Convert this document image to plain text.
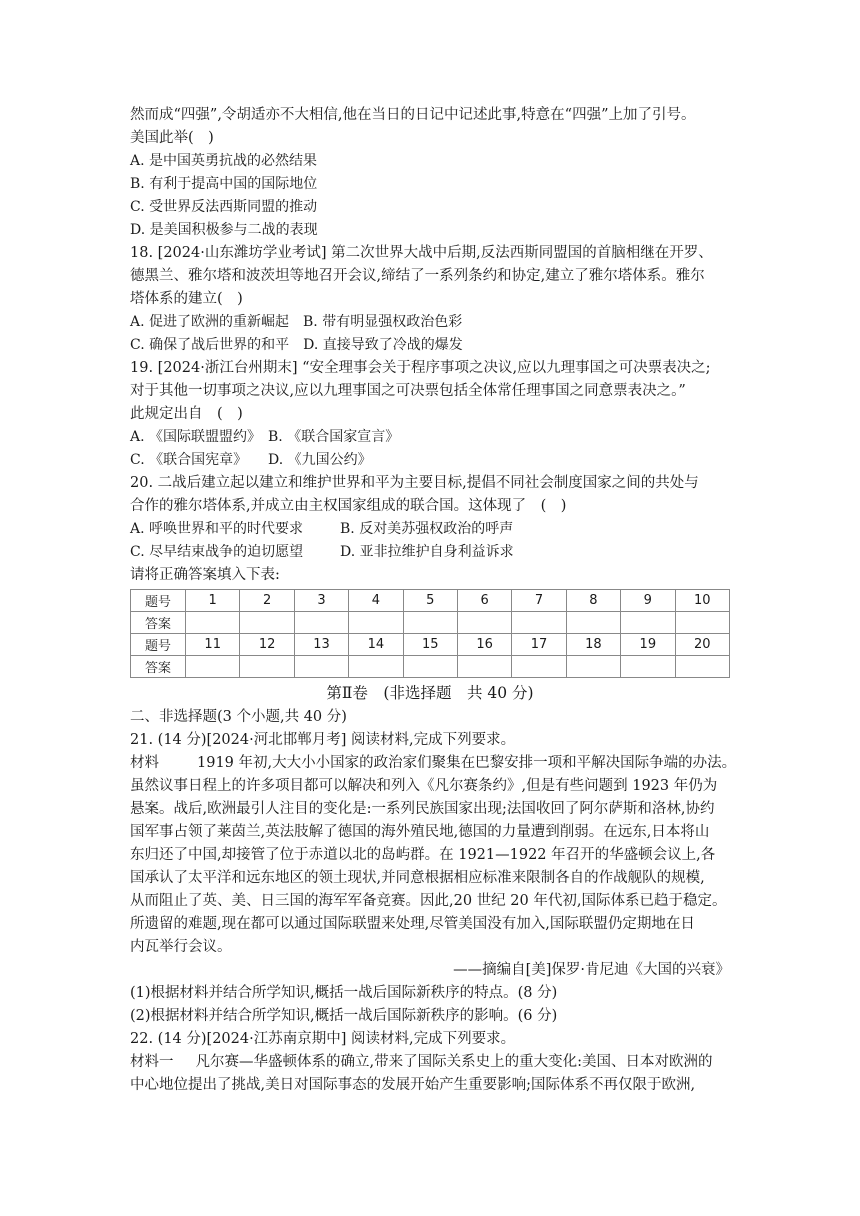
然而成“四强”,令胡适亦不大相信,他在当日的日记中记述此事,特意在“四强”上加了引号。
美国此举(　)
A. 是中国英勇抗战的必然结果
B. 有利于提高中国的国际地位
C. 受世界反法西斯同盟的推动
D. 是美国积极参与二战的表现
18. [2024·山东潍坊学业考试] 第二次世界大战中后期,反法西斯同盟国的首脑相继在开罗、
德黑兰、雅尔塔和波茨坦等地召开会议,缔结了一系列条约和协定,建立了雅尔塔体系。雅尔
塔体系的建立(　)
A. 促进了欧洲的重新崛起 B. 带有明显强权政治色彩
C. 确保了战后世界的和平 D. 直接导致了冷战的爆发
19. [2024·浙江台州期末] “安全理事会关于程序事项之决议,应以九理事国之可决票表决之;
对于其他一切事项之决议,应以九理事国之可决票包括全体常任理事国之同意票表决之。”
此规定出自　(　)
A. 《国际联盟盟约》 B. 《联合国家宣言》
C. 《联合国宪章》 D. 《九国公约》
20. 二战后建立起以建立和维护世界和平为主要目标,提倡不同社会制度国家之间的共处与
合作的雅尔塔体系,并成立由主权国家组成的联合国。这体现了　(　)
A. 呼唤世界和平的时代要求	B. 反对美苏强权政治的呼声
C. 尽早结束战争的迫切愿望	D. 亚非拉维护自身利益诉求
请将正确答案填入下表:
题号	1	2	3	4	5	6	7	8	9	10
答案										
题号	11	12	13	14	15	16	17	18	19	20
答案										
第Ⅱ卷　(非选择题　共 40 分)
二、非选择题(3 个小题,共 40 分)
21. (14 分)[2024·河北邯郸月考] 阅读材料,完成下列要求。
材料	1919 年初,大大小小国家的政治家们聚集在巴黎安排一项和平解决国际争端的办法。
虽然议事日程上的许多项目都可以解决和列入《凡尔赛条约》,但是有些问题到 1923 年仍为
悬案。战后,欧洲最引人注目的变化是:一系列民族国家出现;法国收回了阿尔萨斯和洛林,协约
国军事占领了莱茵兰,英法肢解了德国的海外殖民地,德国的力量遭到削弱。在远东,日本将山
东归还了中国,却接管了位于赤道以北的岛屿群。在 1921—1922 年召开的华盛顿会议上,各
国承认了太平洋和远东地区的领土现状,并同意根据相应标准来限制各自的作战舰队的规模,
从而阻止了英、美、日三国的海军军备竞赛。因此,20 世纪 20 年代初,国际体系已趋于稳定。
所遗留的难题,现在都可以通过国际联盟来处理,尽管美国没有加入,国际联盟仍定期地在日
内瓦举行会议。
——摘编自[美]保罗·肯尼迪《大国的兴衰》
(1)根据材料并结合所学知识,概括一战后国际新秩序的特点。(8 分)
(2)根据材料并结合所学知识,概括一战后国际新秩序的影响。(6 分)
22. (14 分)[2024·江苏南京期中] 阅读材料,完成下列要求。
材料一 凡尔赛—华盛顿体系的确立,带来了国际关系史上的重大变化:美国、日本对欧洲的
中心地位提出了挑战,美日对国际事态的发展开始产生重要影响;国际体系不再仅限于欧洲,
